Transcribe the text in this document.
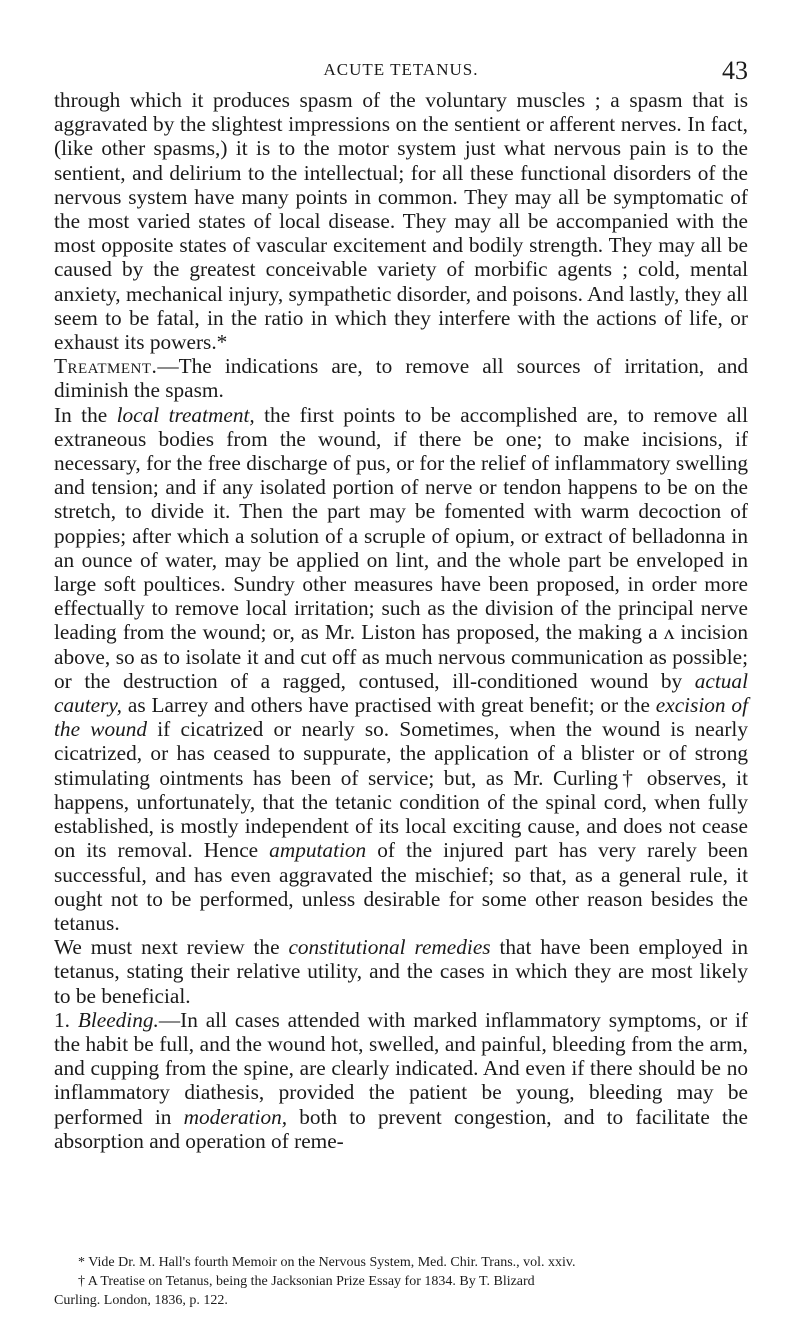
ACUTE TETANUS.	43

through which it produces spasm of the voluntary muscles ; a spasm that is aggravated by the slightest impressions on the sentient or afferent nerves. In fact, (like other spasms,) it is to the motor system just what nervous pain is to the sentient, and delirium to the intellectual; for all these functional disorders of the nervous system have many points in common. They may all be symptomatic of the most varied states of local disease. They may all be accompanied with the most opposite states of vascular excitement and bodily strength. They may all be caused by the greatest conceivable variety of morbific agents ; cold, mental anxiety, mechanical injury, sympathetic disorder, and poisons. And lastly, they all seem to be fatal, in the ratio in which they interfere with the actions of life, or exhaust its powers.*

Treatment.—The indications are, to remove all sources of irritation, and diminish the spasm.

In the local treatment, the first points to be accomplished are, to remove all extraneous bodies from the wound, if there be one; to make incisions, if necessary, for the free discharge of pus, or for the relief of inflammatory swelling and tension; and if any isolated portion of nerve or tendon happens to be on the stretch, to divide it. Then the part may be fomented with warm decoction of poppies; after which a solution of a scruple of opium, or extract of belladonna in an ounce of water, may be applied on lint, and the whole part be enveloped in large soft poultices. Sundry other measures have been proposed, in order more effectually to remove local irritation; such as the division of the principal nerve leading from the wound; or, as Mr. Liston has proposed, the making a ʌ incision above, so as to isolate it and cut off as much nervous communication as possible; or the destruction of a ragged, contused, ill-conditioned wound by actual cautery, as Larrey and others have practised with great benefit; or the excision of the wound if cicatrized or nearly so. Sometimes, when the wound is nearly cicatrized, or has ceased to suppurate, the application of a blister or of strong stimulating ointments has been of service; but, as Mr. Curling† observes, it happens, unfortunately, that the tetanic condition of the spinal cord, when fully established, is mostly independent of its local exciting cause, and does not cease on its removal. Hence amputation of the injured part has very rarely been successful, and has even aggravated the mischief; so that, as a general rule, it ought not to be performed, unless desirable for some other reason besides the tetanus.

We must next review the constitutional remedies that have been employed in tetanus, stating their relative utility, and the cases in which they are most likely to be beneficial.

1. Bleeding.—In all cases attended with marked inflammatory symptoms, or if the habit be full, and the wound hot, swelled, and painful, bleeding from the arm, and cupping from the spine, are clearly indicated. And even if there should be no inflammatory diathesis, provided the patient be young, bleeding may be performed in moderation, both to prevent congestion, and to facilitate the absorption and operation of reme-

* Vide Dr. M. Hall's fourth Memoir on the Nervous System, Med. Chir. Trans., vol. xxiv.

† A Treatise on Tetanus, being the Jacksonian Prize Essay for 1834. By T. Blizard

Curling. London, 1836, p. 122.
